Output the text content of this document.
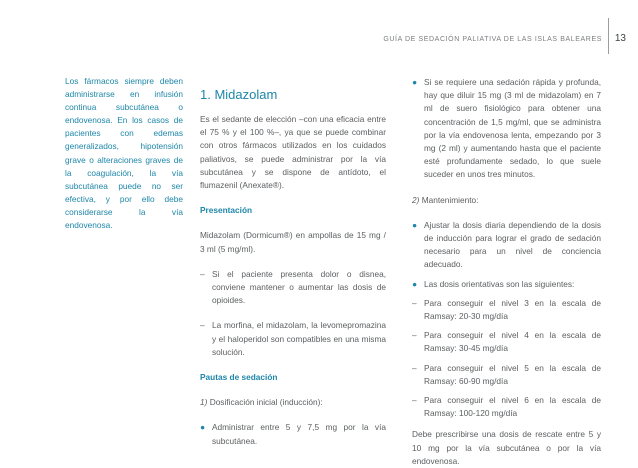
GUÍA DE SEDACIÓN PALIATIVA DE LAS ISLAS BALEARES 13

Los fármacos siempre deben administrarse en infusión continua subcutánea o endovenosa. En los casos de pacientes con edemas generalizados, hipotensión grave o alteraciones graves de la coagulación, la vía subcutánea puede no ser efectiva, y por ello debe considerarse la vía endovenosa.

1. Midazolam

Es el sedante de elección –con una eficacia entre el 75 % y el 100 %–, ya que se puede combinar con otros fármacos utilizados en los cuidados paliativos, se puede administrar por la vía subcutánea y se dispone de antídoto, el flumazenil (Anexate®).

Presentación

Midazolam (Dormicum®) en ampollas de 15 mg / 3 ml (5 mg/ml).

– Si el paciente presenta dolor o disnea, conviene mantener o aumentar las dosis de opioides.

– La morfina, el midazolam, la levomepromazina y el haloperidol son compatibles en una misma solución.

Pautas de sedación

1) Dosificación inicial (inducción):

● Administrar entre 5 y 7,5 mg por la vía subcutánea.

● Si se requiere una sedación rápida y profunda, hay que diluir 15 mg (3 ml de midazolam) en 7 ml de suero fisiológico para obtener una concentración de 1,5 mg/ml, que se administra por la vía endovenosa lenta, empezando por 3 mg (2 ml) y aumentando hasta que el paciente esté profundamente sedado, lo que suele suceder en unos tres minutos.

2) Mantenimiento:

● Ajustar la dosis diaria dependiendo de la dosis de inducción para lograr el grado de sedación necesario para un nivel de conciencia adecuado.

● Las dosis orientativas son las siguientes:

– Para conseguir el nivel 3 en la escala de Ramsay: 20-30 mg/día

– Para conseguir el nivel 4 en la escala de Ramsay: 30-45 mg/día

– Para conseguir el nivel 5 en la escala de Ramsay: 60-90 mg/día

– Para conseguir el nivel 6 en la escala de Ramsay: 100-120 mg/día

Debe prescribirse una dosis de rescate entre 5 y 10 mg por la vía subcutánea o por la vía endovenosa.
